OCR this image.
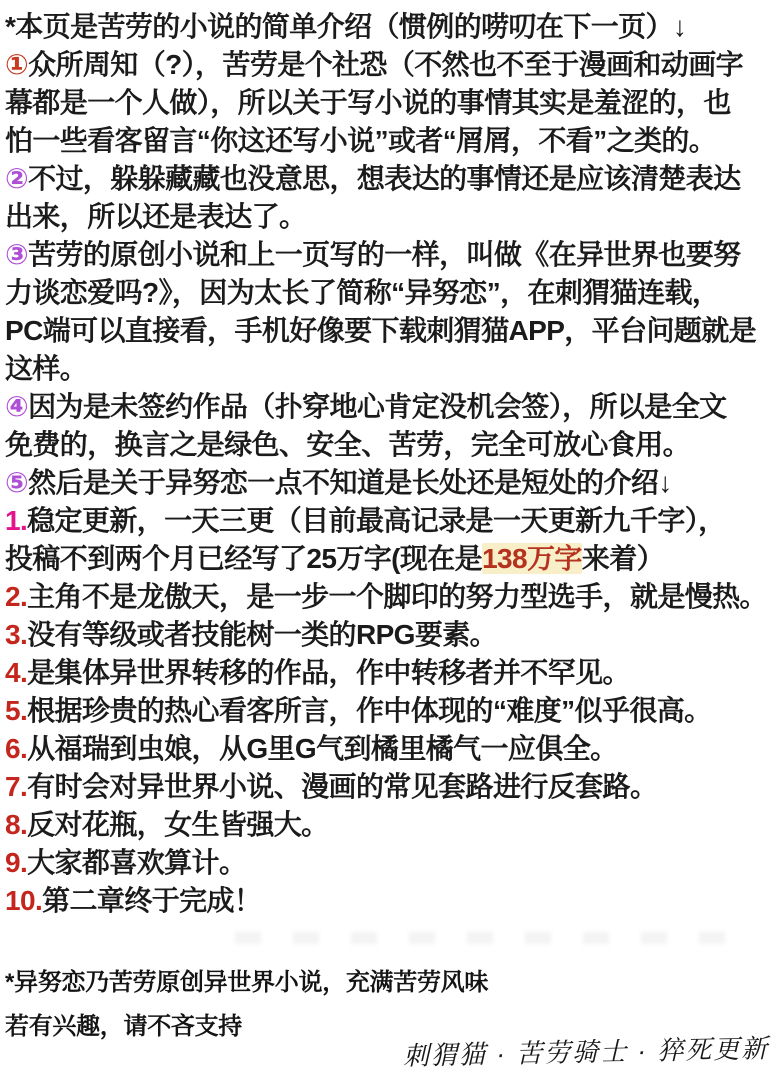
*本页是苦劳的小说的简单介绍（惯例的唠叨在下一页）↓
①众所周知（?），苦劳是个社恐（不然也不至于漫画和动画字
幕都是一个人做），所以关于写小说的事情其实是羞涩的，也
怕一些看客留言“你这还写小说”或者“屑屑，不看”之类的。
②不过，躲躲藏藏也没意思，想表达的事情还是应该清楚表达
出来，所以还是表达了。
③苦劳的原创小说和上一页写的一样，叫做《在异世界也要努
力谈恋爱吗?》，因为太长了简称“异努恋”，在刺猬猫连载，
PC端可以直接看，手机好像要下载刺猬猫APP，平台问题就是
这样。
④因为是未签约作品（扑穿地心肯定没机会签），所以是全文
免费的，换言之是绿色、安全、苦劳，完全可放心食用。
⑤然后是关于异努恋一点不知道是长处还是短处的介绍↓
1.稳定更新，一天三更（目前最高记录是一天更新九千字），
投稿不到两个月已经写了25万字(现在是138万字来着）
2.主角不是龙傲天，是一步一个脚印的努力型选手，就是慢热。
3.没有等级或者技能树一类的RPG要素。
4.是集体异世界转移的作品，作中转移者并不罕见。
5.根据珍贵的热心看客所言，作中体现的“难度”似乎很高。
6.从福瑞到虫娘，从G里G气到橘里橘气一应俱全。
7.有时会对异世界小说、漫画的常见套路进行反套路。
8.反对花瓶，女生皆强大。
9.大家都喜欢算计。
10.第二章终于完成！
*异努恋乃苦劳原创异世界小说，充满苦劳风味
若有兴趣，请不吝支持
刺猬猫 · 苦劳骑士 · 猝死更新
